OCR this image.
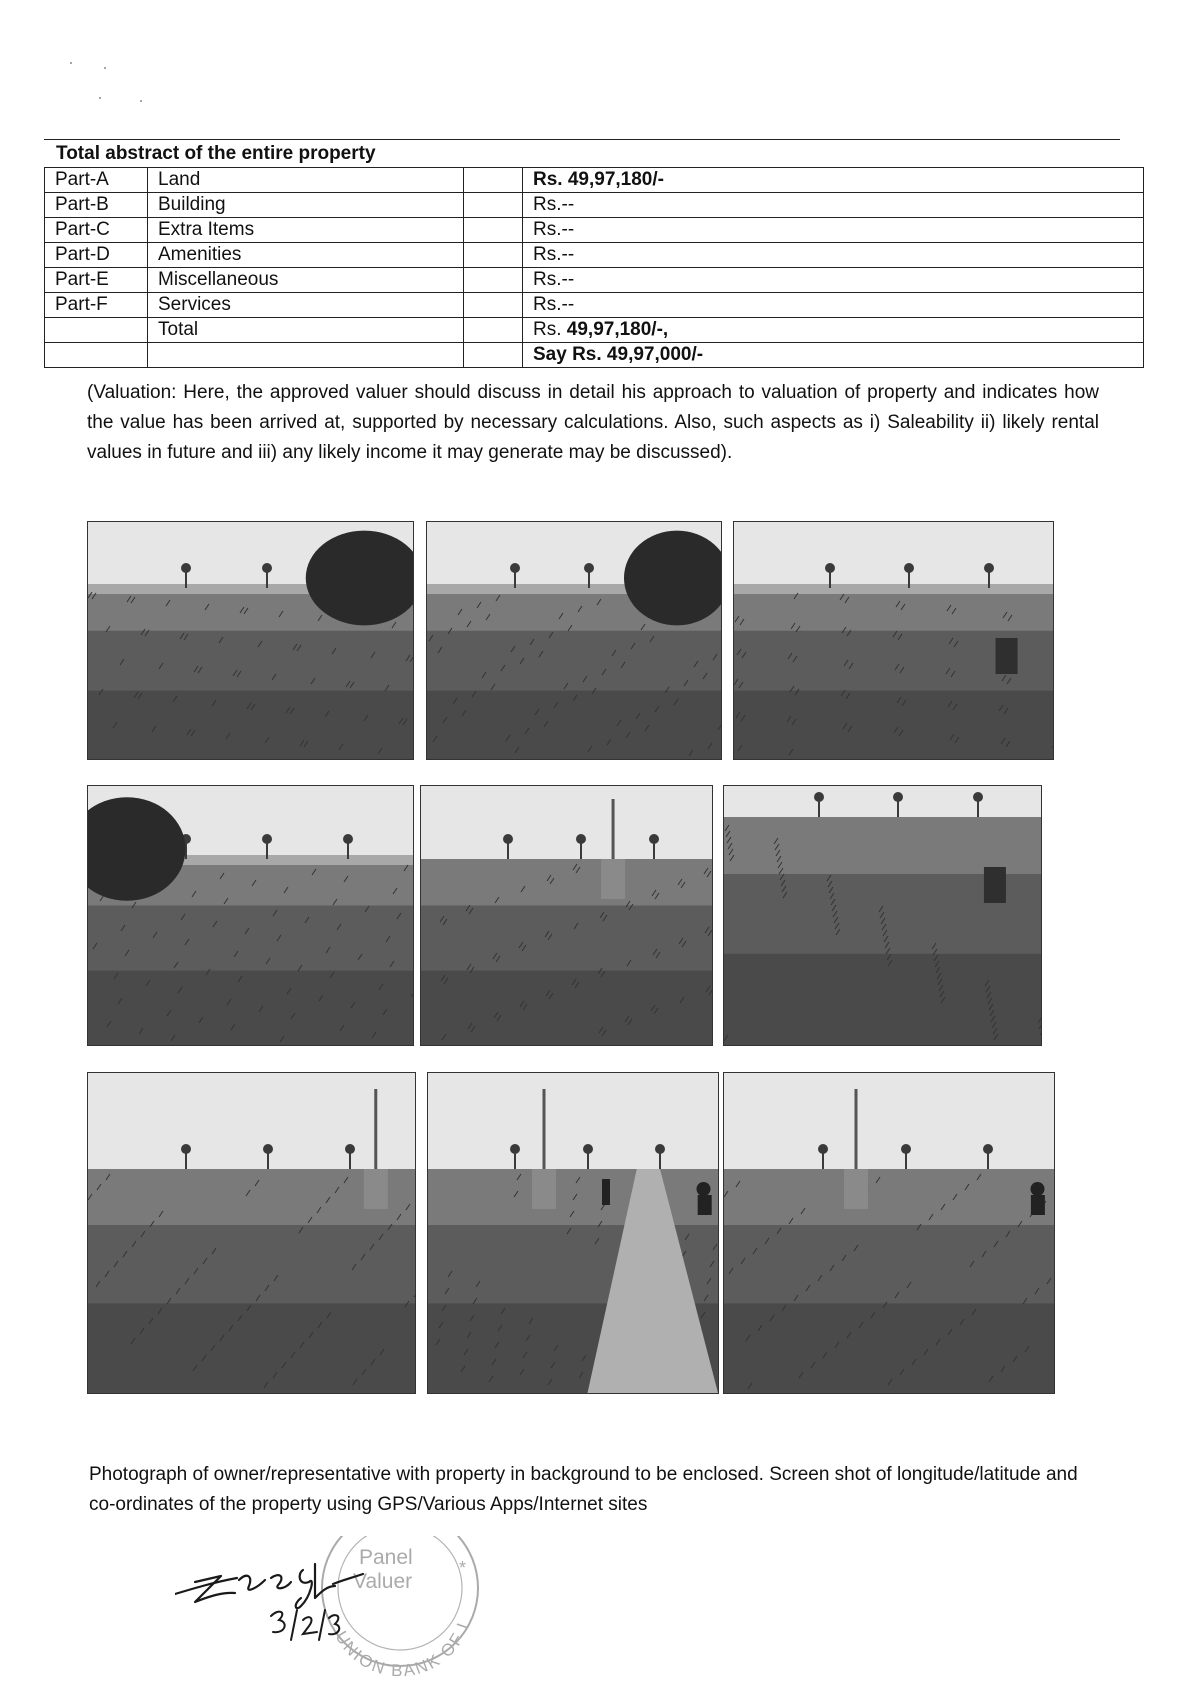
Total abstract of the entire property
Part-A	Land		Rs. 49,97,180/-
Part-B	Building		Rs.--
Part-C	Extra Items		Rs.--
Part-D	Amenities		Rs.--
Part-E	Miscellaneous		Rs.--
Part-F	Services		Rs.--
	Total		Rs. 49,97,180/-,
			Say Rs. 49,97,000/-
(Valuation: Here, the approved valuer should discuss in detail his approach to valuation of property and indicates how the value has been arrived at, supported by necessary calculations. Also, such aspects as i) Saleability ii) likely rental values in future and iii) any likely income it may generate may be discussed).
Photograph of owner/representative with property in background to be enclosed. Screen shot of longitude/latitude and co-ordinates of the property using GPS/Various Apps/Internet sites
UNION BANK OF I
Panel
Valuer
*
